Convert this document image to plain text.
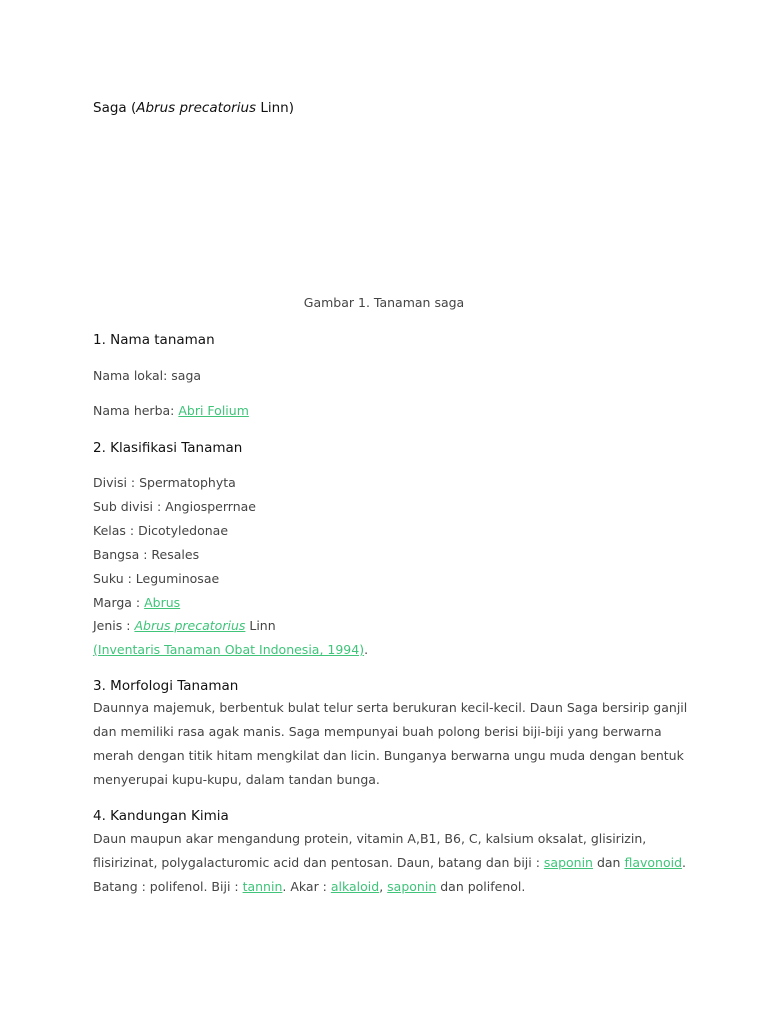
Saga (Abrus precatorius Linn)
Gambar 1. Tanaman saga
1. Nama tanaman
Nama lokal: saga
Nama herba: Abri Folium
2. Klasifikasi Tanaman
Divisi : Spermatophyta
Sub divisi : Angiosperrnae
Kelas : Dicotyledonae
Bangsa : Resales
Suku : Leguminosae
Marga : Abrus
Jenis : Abrus precatorius Linn
(Inventaris Tanaman Obat Indonesia, 1994).
3. Morfologi Tanaman
Daunnya majemuk, berbentuk bulat telur serta berukuran kecil-kecil. Daun Saga bersirip ganjil
dan memiliki rasa agak manis. Saga mempunyai buah polong berisi biji-biji yang berwarna
merah dengan titik hitam mengkilat dan licin. Bunganya berwarna ungu muda dengan bentuk
menyerupai kupu-kupu, dalam tandan bunga.
4. Kandungan Kimia
Daun maupun akar mengandung protein, vitamin A,B1, B6, C, kalsium oksalat, glisirizin,
flisirizinat, polygalacturomic acid dan pentosan. Daun, batang dan biji : saponin dan flavonoid.
Batang : polifenol. Biji : tannin. Akar : alkaloid, saponin dan polifenol.
